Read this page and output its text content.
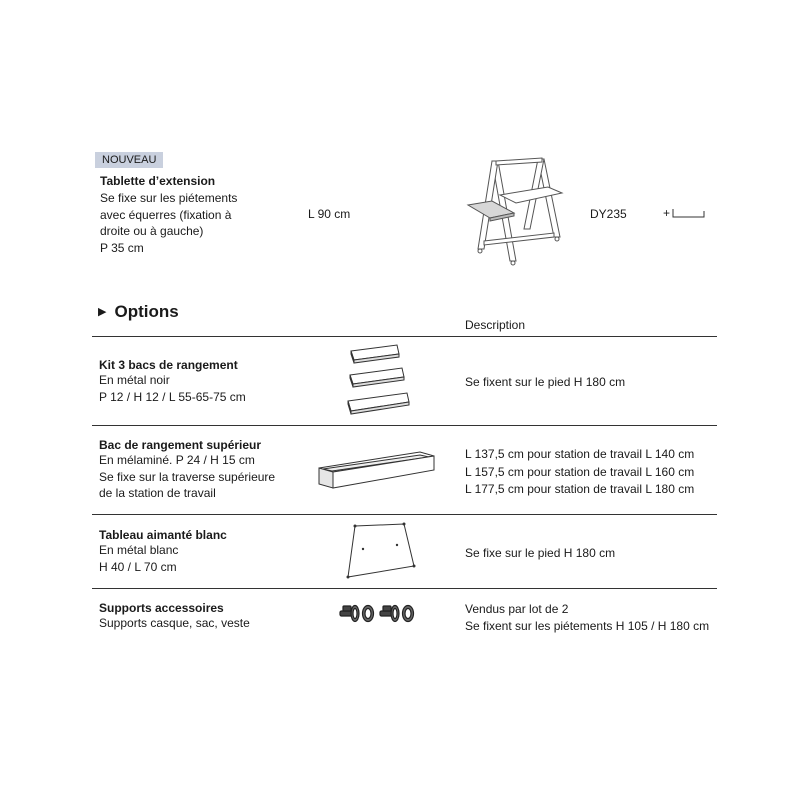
NOUVEAU
Tablette d’extension
Se fixe sur les piétements
avec équerres (fixation à
droite ou à gauche)
P 35 cm
L 90 cm	DY235	+
▶ Options
Description
Kit 3 bacs de rangement
En métal noir
P 12 / H 12 / L 55-65-75 cm
Se fixent sur le pied H 180 cm
Bac de rangement supérieur
En mélaminé. P 24 / H 15 cm
Se fixe sur la traverse supérieure
de la station de travail
L 137,5 cm pour station de travail L 140 cm
L 157,5 cm pour station de travail L 160 cm
L 177,5 cm pour station de travail L 180 cm
Tableau aimanté blanc
En métal blanc
H 40 / L 70 cm
Se fixe sur le pied H 180 cm
Supports accessoires
Supports casque, sac, veste
Vendus par lot de 2
Se fixent sur les piétements H 105 / H 180 cm
